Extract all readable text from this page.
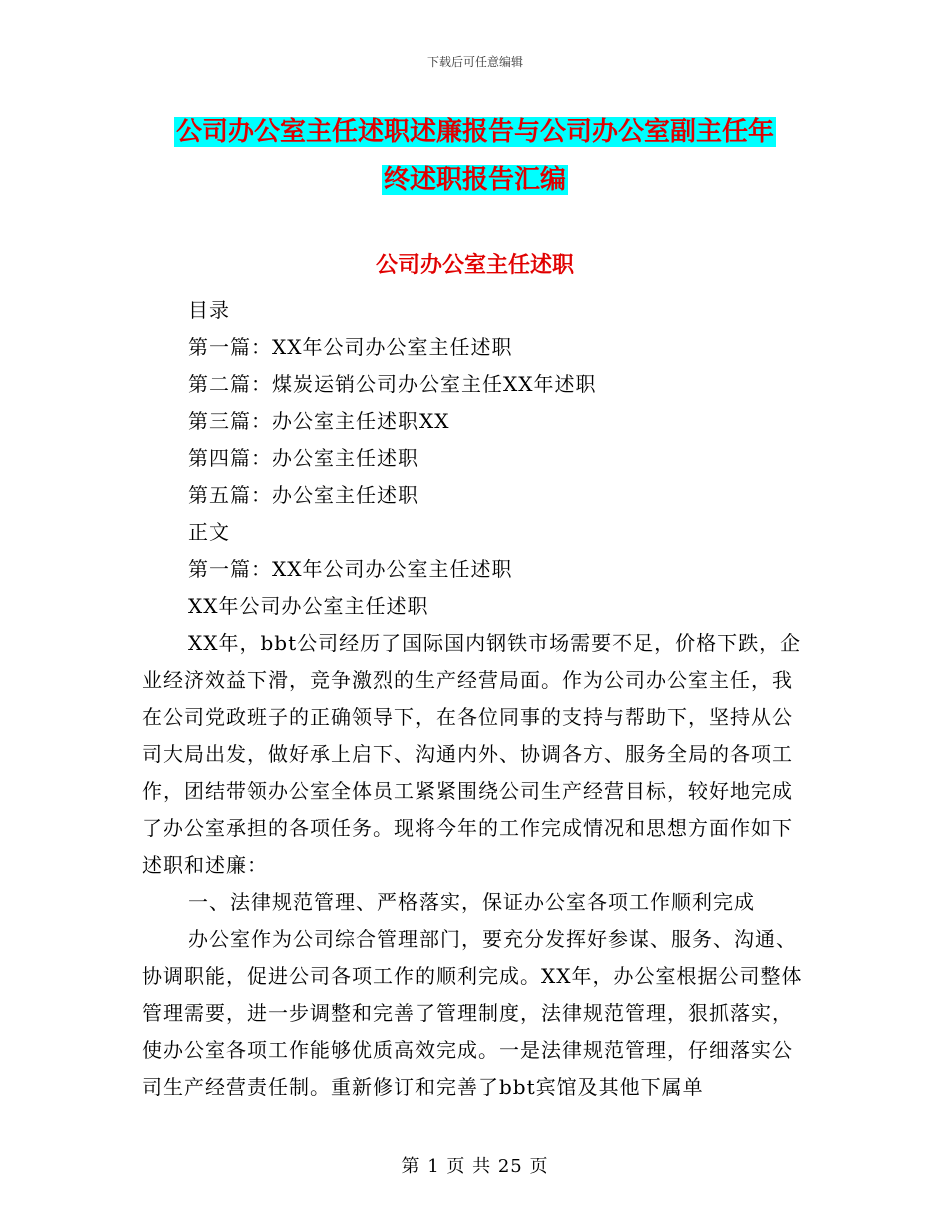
下载后可任意编辑
公司办公室主任述职述廉报告与公司办公室副主任年
终述职报告汇编
公司办公室主任述职

目录

第一篇：XX年公司办公室主任述职

第二篇：煤炭运销公司办公室主任XX年述职

第三篇：办公室主任述职XX

第四篇：办公室主任述职

第五篇：办公室主任述职

正文

第一篇：XX年公司办公室主任述职

XX年公司办公室主任述职

XX年，bbt公司经历了国际国内钢铁市场需要不足，价格下跌，企业经济效益下滑，竞争激烈的生产经营局面。作为公司办公室主任，我在公司党政班子的正确领导下，在各位同事的支持与帮助下，坚持从公司大局出发，做好承上启下、沟通内外、协调各方、服务全局的各项工作，团结带领办公室全体员工紧紧围绕公司生产经营目标，较好地完成了办公室承担的各项任务。现将今年的工作完成情况和思想方面作如下述职和述廉：

一、法律规范管理、严格落实，保证办公室各项工作顺利完成

办公室作为公司综合管理部门，要充分发挥好参谋、服务、沟通、协调职能，促进公司各项工作的顺利完成。XX年，办公室根据公司整体管理需要，进一步调整和完善了管理制度，法律规范管理，狠抓落实，使办公室各项工作能够优质高效完成。一是法律规范管理，仔细落实公司生产经营责任制。重新修订和完善了bbt宾馆及其他下属单

第 1 页 共 25 页
